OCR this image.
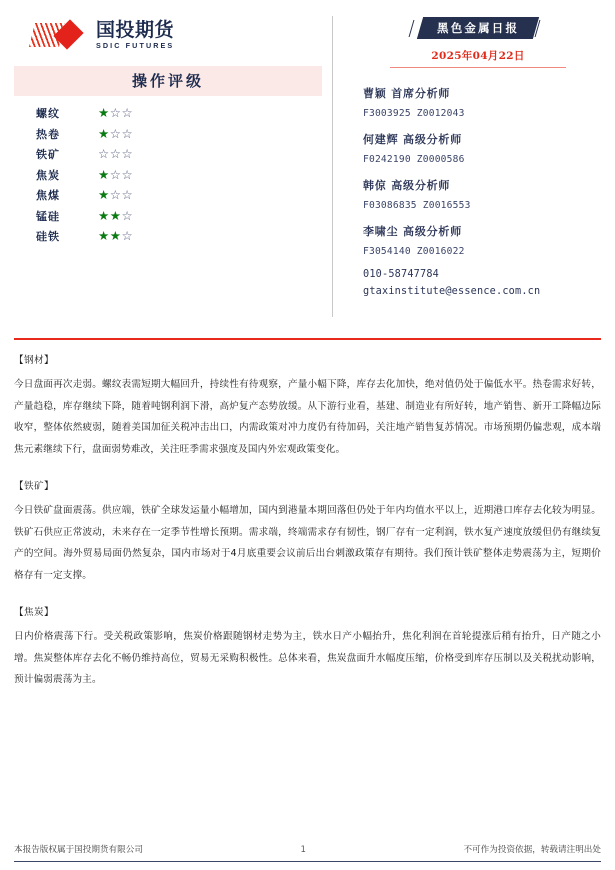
国投期货
SDIC FUTURES
操作评级
螺纹	★☆☆
热卷	★☆☆
铁矿	☆☆☆
焦炭	★☆☆
焦煤	★☆☆
锰硅	★★☆
硅铁	★★☆
黑色金属日报
2025年04月22日
曹颖 首席分析师
F3003925 Z0012043
何建辉 高级分析师
F0242190 Z0000586
韩倞 高级分析师
F03086835 Z0016553
李啸尘 高级分析师
F3054140 Z0016022
010-58747784
gtaxinstitute@essence.com.cn
【钢材】
今日盘面再次走弱。螺纹表需短期大幅回升，持续性有待观察，产量小幅下降，库存去化加快，绝对值仍处于偏低水平。热卷需求好转，产量趋稳，库存继续下降，随着吨钢利润下滑，高炉复产态势放缓。从下游行业看，基建、制造业有所好转，地产销售、新开工降幅边际收窄，整体依然疲弱，随着美国加征关税冲击出口，内需政策对冲力度仍有待加码，关注地产销售复苏情况。市场预期仍偏悲观，成本端焦元素继续下行，盘面弱势难改，关注旺季需求强度及国内外宏观政策变化。
【铁矿】
今日铁矿盘面震荡。供应端，铁矿全球发运量小幅增加，国内到港量本期回落但仍处于年内均值水平以上，近期港口库存去化较为明显。铁矿石供应正常波动，未来存在一定季节性增长预期。需求端，终端需求存有韧性，钢厂存有一定利润，铁水复产速度放缓但仍有继续复产的空间。海外贸易局面仍然复杂，国内市场对于4月底重要会议前后出台刺激政策存有期待。我们预计铁矿整体走势震荡为主，短期价格存有一定支撑。
【焦炭】
日内价格震荡下行。受关税政策影响，焦炭价格跟随钢材走势为主，铁水日产小幅抬升，焦化利润在首轮提涨后稍有抬升，日产随之小增。焦炭整体库存去化不畅仍维持高位，贸易无采购积极性。总体来看，焦炭盘面升水幅度压缩，价格受到库存压制以及关税扰动影响，预计偏弱震荡为主。
本报告版权属于国投期货有限公司	1	不可作为投资依据，转载请注明出处
